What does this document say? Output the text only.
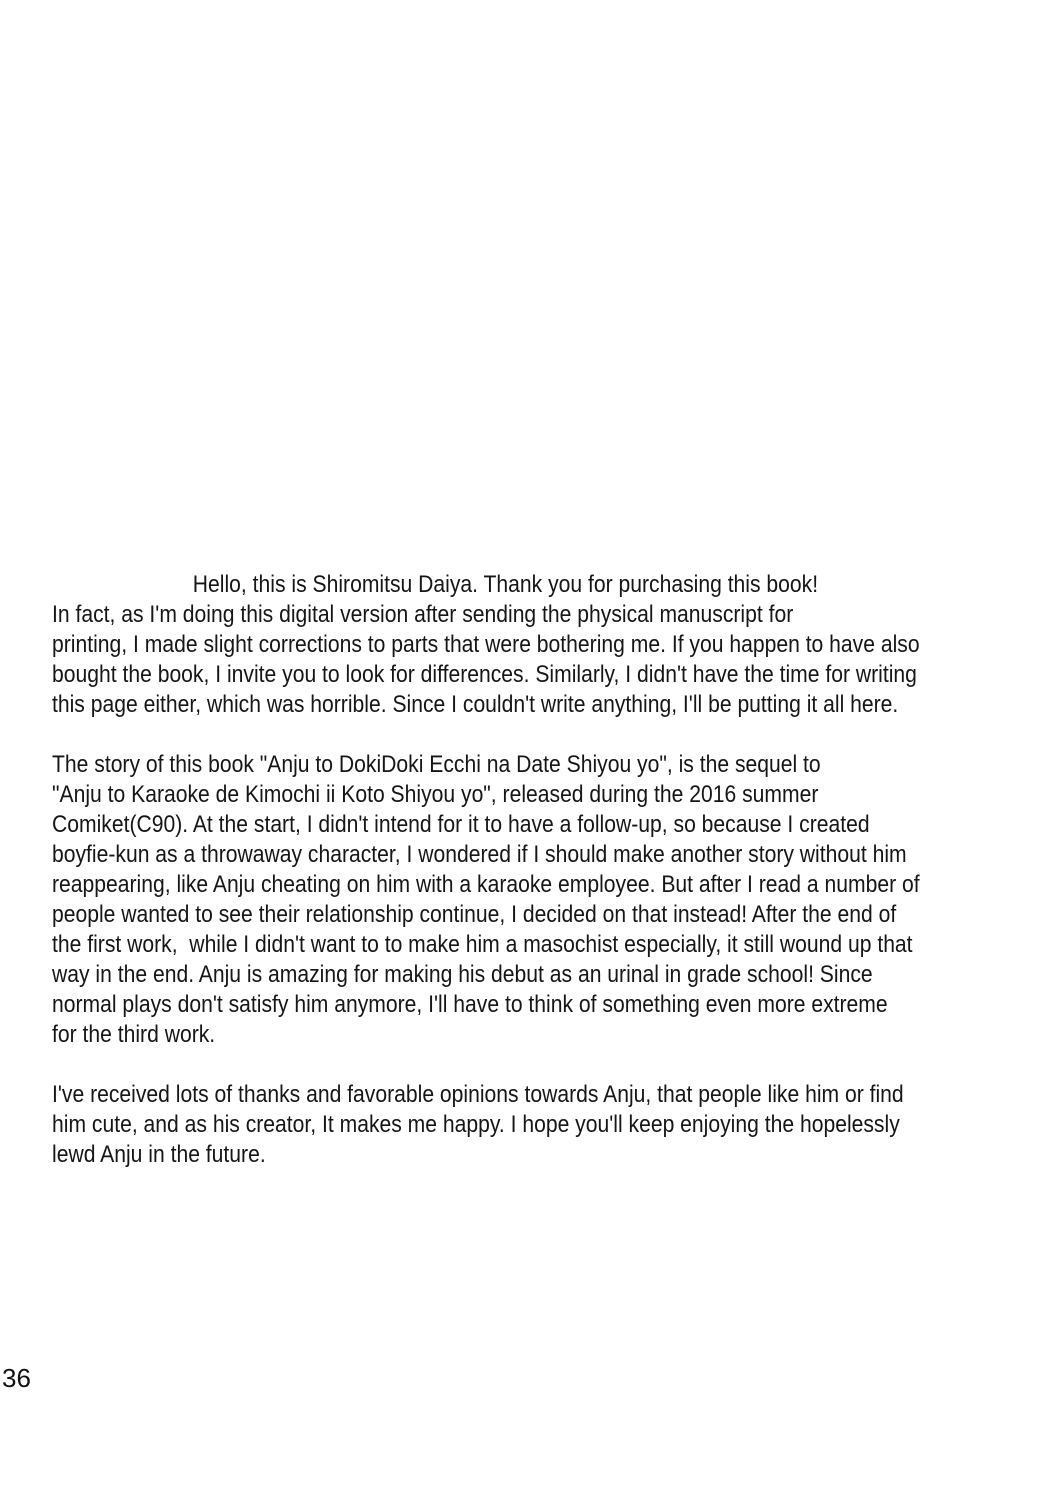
Hello, this is Shiromitsu Daiya. Thank you for purchasing this book!
In fact, as I'm doing this digital version after sending the physical manuscript for
printing, I made slight corrections to parts that were bothering me. If you happen to have also
bought the book, I invite you to look for differences. Similarly, I didn't have the time for writing
this page either, which was horrible. Since I couldn't write anything, I'll be putting it all here.
The story of this book "Anju to DokiDoki Ecchi na Date Shiyou yo", is the sequel to
"Anju to Karaoke de Kimochi ii Koto Shiyou yo", released during the 2016 summer
Comiket(C90). At the start, I didn't intend for it to have a follow-up, so because I created
boyfie-kun as a throwaway character, I wondered if I should make another story without him
reappearing, like Anju cheating on him with a karaoke employee. But after I read a number of
people wanted to see their relationship continue, I decided on that instead! After the end of
the first work,  while I didn't want to to make him a masochist especially, it still wound up that
way in the end. Anju is amazing for making his debut as an urinal in grade school! Since
normal plays don't satisfy him anymore, I'll have to think of something even more extreme
for the third work.
I've received lots of thanks and favorable opinions towards Anju, that people like him or find
him cute, and as his creator, It makes me happy. I hope you'll keep enjoying the hopelessly
lewd Anju in the future.
36
